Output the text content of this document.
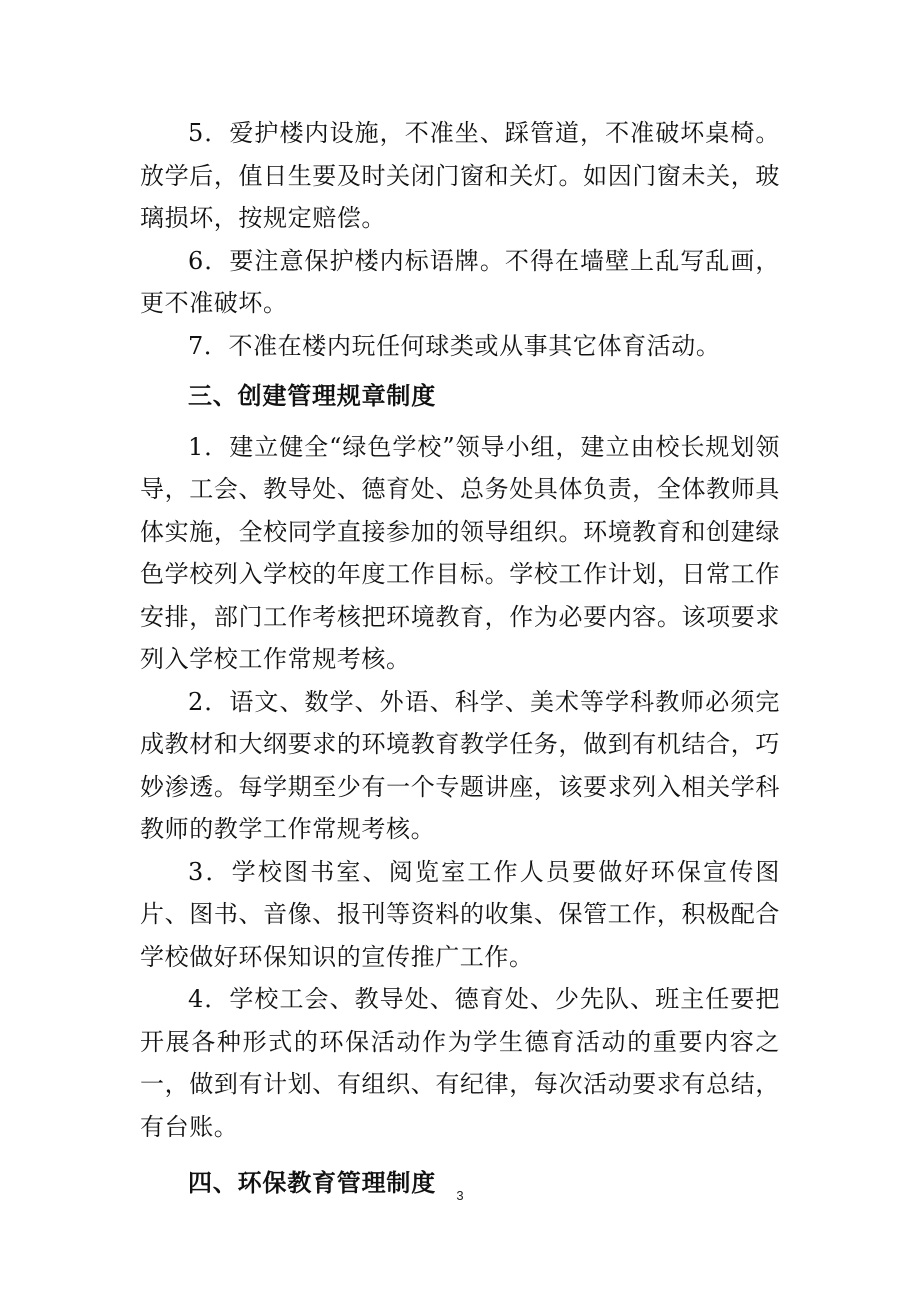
5．爱护楼内设施，不准坐、踩管道，不准破坏桌椅。放学后，值日生要及时关闭门窗和关灯。如因门窗未关，玻璃损坏，按规定赔偿。

6．要注意保护楼内标语牌。不得在墙壁上乱写乱画，更不准破坏。

7．不准在楼内玩任何球类或从事其它体育活动。

三、创建管理规章制度

1．建立健全“绿色学校”领导小组，建立由校长规划领导，工会、教导处、德育处、总务处具体负责，全体教师具体实施，全校同学直接参加的领导组织。环境教育和创建绿色学校列入学校的年度工作目标。学校工作计划，日常工作安排，部门工作考核把环境教育，作为必要内容。该项要求列入学校工作常规考核。

2．语文、数学、外语、科学、美术等学科教师必须完成教材和大纲要求的环境教育教学任务，做到有机结合，巧妙渗透。每学期至少有一个专题讲座，该要求列入相关学科教师的教学工作常规考核。

3．学校图书室、阅览室工作人员要做好环保宣传图片、图书、音像、报刊等资料的收集、保管工作，积极配合学校做好环保知识的宣传推广工作。

4．学校工会、教导处、德育处、少先队、班主任要把开展各种形式的环保活动作为学生德育活动的重要内容之一，做到有计划、有组织、有纪律，每次活动要求有总结，有台账。

四、环保教育管理制度	3
